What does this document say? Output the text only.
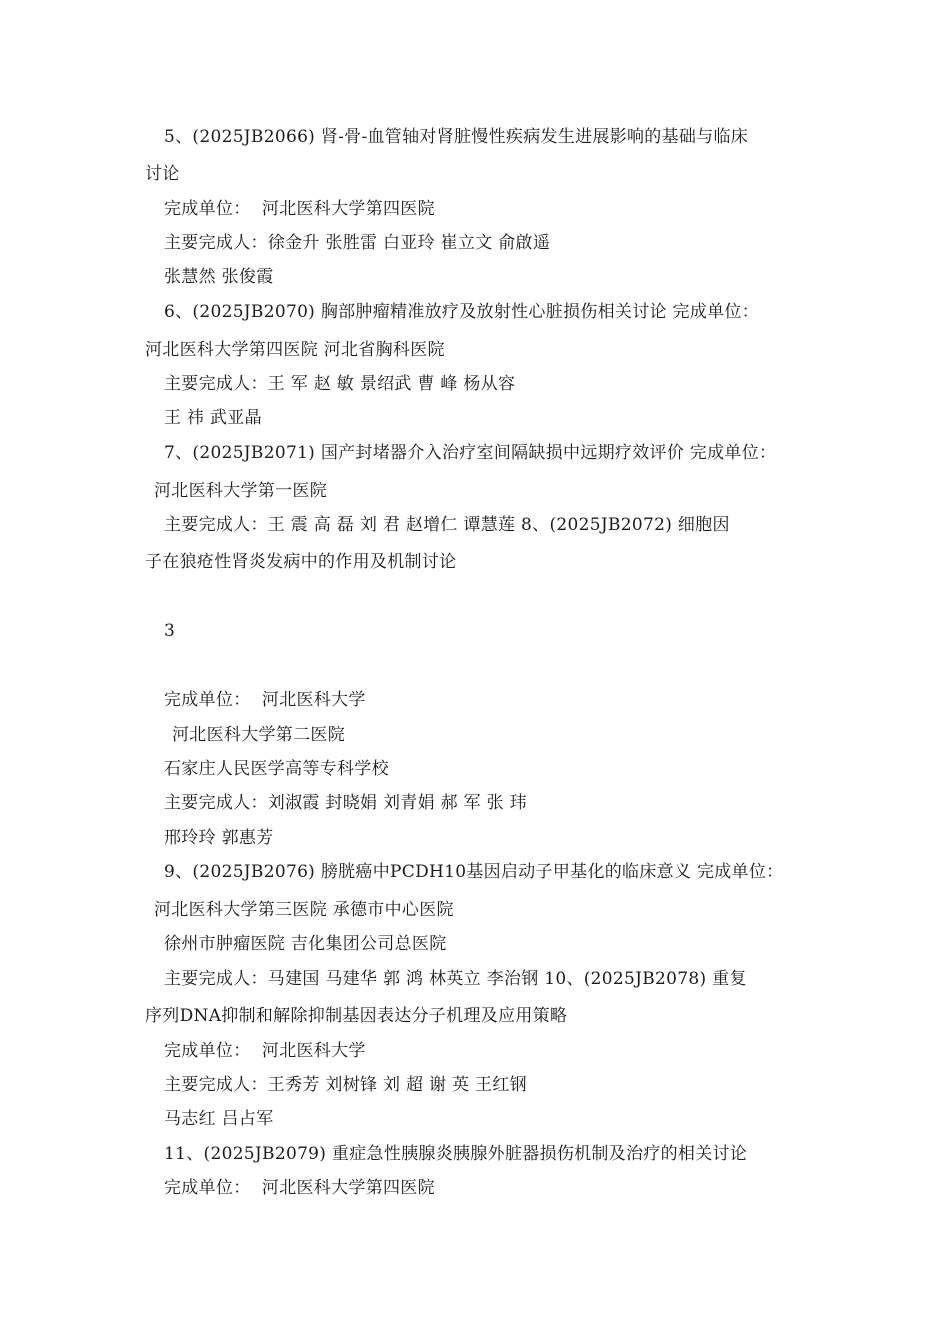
5、(2025JB2066) 肾-骨-血管轴对肾脏慢性疾病发生进展影响的基础与临床
讨论
完成单位：  河北医科大学第四医院
主要完成人：徐金升 张胜雷 白亚玲 崔立文 俞啟遥
张慧然 张俊霞
6、(2025JB2070) 胸部肿瘤精准放疗及放射性心脏损伤相关讨论 完成单位：
河北医科大学第四医院 河北省胸科医院
主要完成人：王 军 赵 敏 景绍武 曹 峰 杨从容
王 祎 武亚晶
7、(2025JB2071) 国产封堵器介入治疗室间隔缺损中远期疗效评价 完成单位：
河北医科大学第一医院
主要完成人：王 震 高 磊 刘 君 赵增仁 谭慧莲 8、(2025JB2072) 细胞因
子在狼疮性肾炎发病中的作用及机制讨论
3
完成单位：  河北医科大学
河北医科大学第二医院
石家庄人民医学高等专科学校
主要完成人：刘淑霞 封晓娟 刘青娟 郝 军 张 玮
邢玲玲 郭惠芳
9、(2025JB2076) 膀胱癌中PCDH10基因启动子甲基化的临床意义 完成单位：
河北医科大学第三医院 承德市中心医院
徐州市肿瘤医院 吉化集团公司总医院
主要完成人：马建国 马建华 郭 鸿 林英立 李治钢 10、(2025JB2078) 重复
序列DNA抑制和解除抑制基因表达分子机理及应用策略
完成单位：  河北医科大学
主要完成人：王秀芳 刘树锋 刘 超 谢 英 王红钢
马志红 吕占军
11、(2025JB2079) 重症急性胰腺炎胰腺外脏器损伤机制及治疗的相关讨论
完成单位：  河北医科大学第四医院
